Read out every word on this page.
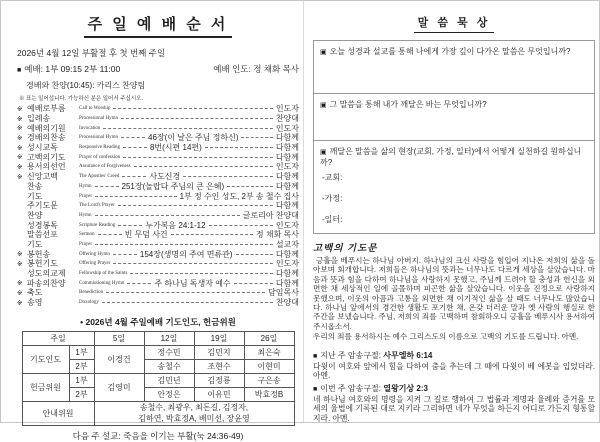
주 일 예 배 순 서
2026년 4월 12일 부활절 후 첫 번째 주일
■ 예배: 1부 09:15 2부 11:00	예배 인도: 정 채화 목사
경배와 찬양(10:45): 카리스 찬양팀
※ 표는 일어섭니다. 가능하신 분은 일어서 주십시오.
※ 예배로부름	Call to Worship	인도자
※ 입례송	Processional Hymn	찬양대
※ 예배의기원	Invocation	인도자
※ 경배의찬송	Processional Hymn	46장(이 날은 주님 정하신)	다함께
※ 성시교독	Responsive Reading	8번(시편 14편)	다함께
※ 고백의기도	Prayer of confession	다함께
※ 용서의선언	Assurance of Forgiveness	인도자
※ 신앙고백	The Apostles' Creed	사도신경	다함께
찬송	Hymn	251장(놀랍다 주님의 큰 은혜)	다함께
기도	Prayer	1부 정 수인 성도, 2부 송 철수 집사
주기도문	The Lord's Prayer	다함께
찬양	Hymn	글로리아 찬양대
성경봉독	Scripture Reading	누가복음 24:1-12	인도자
말씀선포	Sermon	빈 무덤 사건	정 채화 목사
기도	Prayer	설교자
※ 봉헌송	Offering Hymn	154장(생명의 주여 면류관)	다함께
※ 봉헌기도	Offering Prayer	인도자
성도의교제	Fellowship of the Saints	다함께
※ 파송의찬양	Commissioning Hymn	주 하나님 독생자 예수	다함께
※ 축도	Benediction	담임목사
※ 송영	Doxology	찬양대
• 2026년 4월 주일예배 기도인도, 헌금위원
주일		5일	12일	19일	26일
기도인도	1부	이경건	정수민	김민지	최은숙
	2부		송철수	조현수	이현미
헌금위원	1부	김영미	김민년	김정룡	구은송
	2부		안정은	이유민	박효정B
안내위원		송철수, 최광우, 최돈길, 김정자,
김하연, 박효정A, 배미선, 장윤영			
다음 주 설교: 죽음을 이기는 부활(눅 24:36-49)
말 씀 묵 상
▣ 오늘 성경과 설교를 통해 나에게 가장 깊이 다가온 말씀은 무엇입니까?
▣ 그 말씀을 통해 내가 깨달은 바는 무엇입니까?
▣ 깨달은 말씀을 삶의 현장(교회, 가정, 일터)에서 어떻게 실천하길 원하십니까?
-교회:
-가정:
-일터:
고백의 기도문
긍휼을 베푸시는 하나님 아버지. 하나님의 크신 사랑을 힘입어 지나온 저희의 삶을 돌아보며 회개합니다. 저희들은 하나님의 뜻과는 너무나도 다르게 세상을 살았습니다. 마음과 뜻과 힘을 다하여 하나님을 사랑하지 못했고, 주님께 드려야 할 충성과 헌신을 외면한 채 세상적인 일에 골몰하며 피곤한 삶을 살았습니다. 이웃을 진정으로 사랑하지 못했으며, 이웃의 아픔과 고통을 외면한 채 이기적인 삶을 살 때도 너무나도 많았습니다. 하나님 앞에서의 경건한 생활도 포기한 채, 온갖 더러운 말과 옛 사람의 행실로 한 주간을 보냈습니다. 주님, 저희의 죄를 고백하며 참회하오니 긍휼을 베푸시사 용서하여 주시옵소서.
우리의 죄를 용서하시는 예수 그리스도의 이름으로 고백의 기도를 드립니다. 아멘.
■ 지난 주 암송구절: 사무엘하 6:14
다윗이 여호와 앞에서 힘을 다하여 춤을 추는데 그 때에 다윗이 베 에봇을 입었더라. 아멘.
■ 이번 주 암송구절: 열왕기상 2:3
네 하나님 여호와의 명령을 지켜 그 길로 행하여 그 법률과 계명과 율례와 증거를 모세의 율법에 기록된 대로 지키라 그리하면 네가 무엇을 하든지 어디로 가든지 형통할지라. 아멘.
